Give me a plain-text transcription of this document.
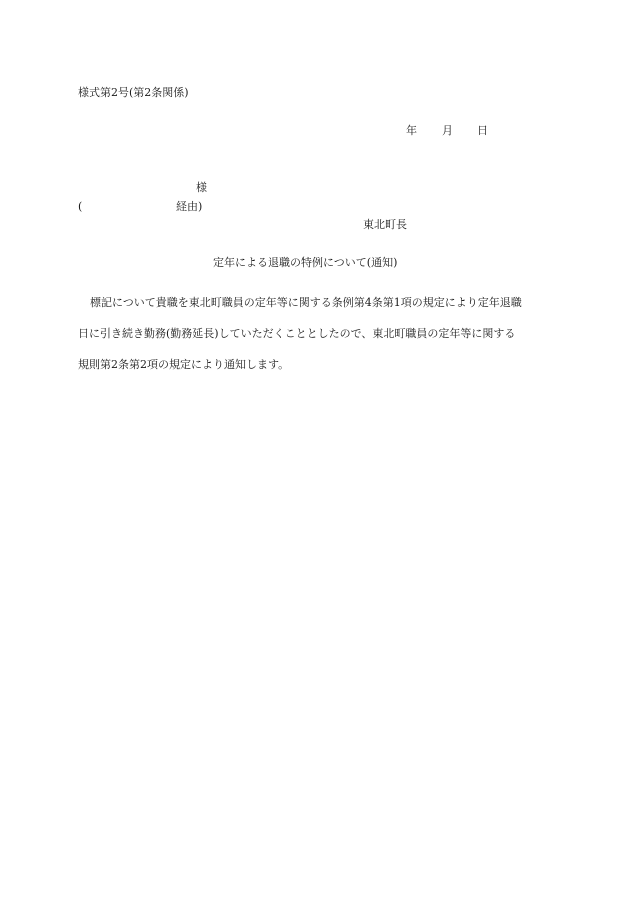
様式第2号(第2条関係)
年 月 日
様
(	経由)
東北町長
定年による退職の特例について(通知)
標記について貴職を東北町職員の定年等に関する条例第4条第1項の規定により定年退職
日に引き続き勤務(勤務延長)していただくこととしたので、東北町職員の定年等に関する
規則第2条第2項の規定により通知します。
